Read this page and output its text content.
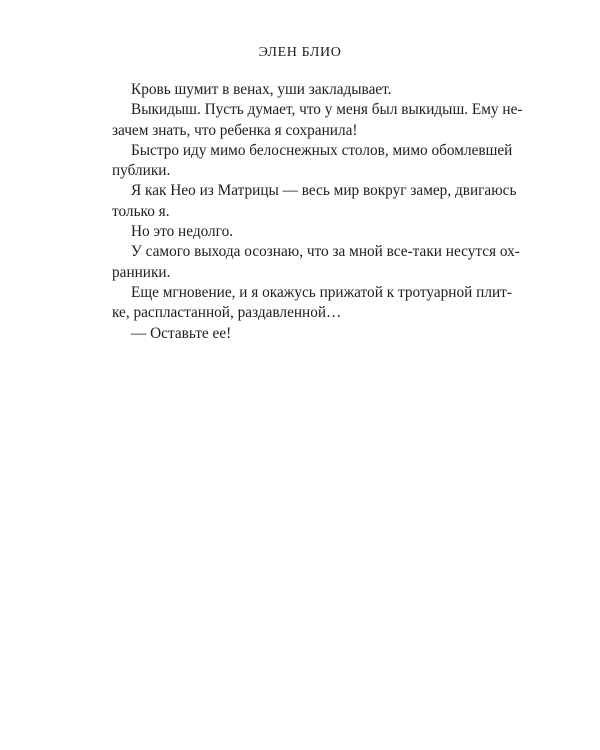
ЭЛЕН БЛИО
Кровь шумит в венах, уши закладывает.
Выкидыш. Пусть думает, что у меня был выкидыш. Ему не-
зачем знать, что ребенка я сохранила!
Быстро иду мимо белоснежных столов, мимо обомлевшей
публики.
Я как Нео из Матрицы — весь мир вокруг замер, двигаюсь
только я.
Но это недолго.
У самого выхода осознаю, что за мной все-таки несутся ох-
ранники.
Еще мгновение, и я окажусь прижатой к тротуарной плит-
ке, распластанной, раздавленной…
— Оставьте ее!
